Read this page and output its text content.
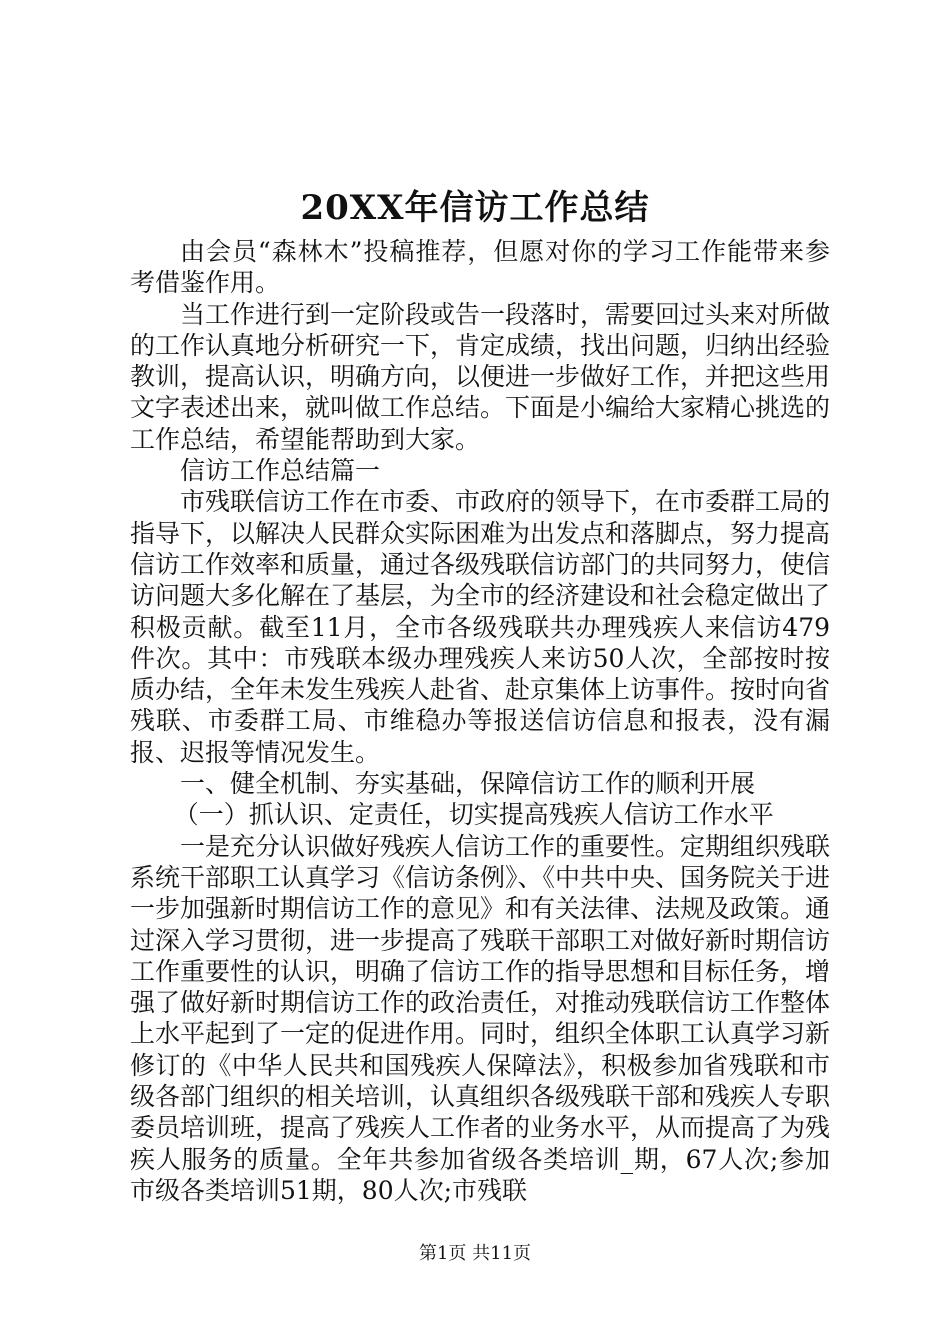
20XX年信访工作总结

由会员“森林木”投稿推荐，但愿对你的学习工作能带来参考借鉴作用。

当工作进行到一定阶段或告一段落时，需要回过头来对所做的工作认真地分析研究一下，肯定成绩，找出问题，归纳出经验教训，提高认识，明确方向，以便进一步做好工作，并把这些用文字表述出来，就叫做工作总结。下面是小编给大家精心挑选的工作总结，希望能帮助到大家。

信访工作总结篇一

市残联信访工作在市委、市政府的领导下，在市委群工局的指导下，以解决人民群众实际困难为出发点和落脚点，努力提高信访工作效率和质量，通过各级残联信访部门的共同努力，使信访问题大多化解在了基层，为全市的经济建设和社会稳定做出了积极贡献。截至11月，全市各级残联共办理残疾人来信访479件次。其中：市残联本级办理残疾人来访50人次，全部按时按质办结，全年未发生残疾人赴省、赴京集体上访事件。按时向省残联、市委群工局、市维稳办等报送信访信息和报表，没有漏报、迟报等情况发生。

一、健全机制、夯实基础，保障信访工作的顺利开展

（一）抓认识、定责任，切实提高残疾人信访工作水平

一是充分认识做好残疾人信访工作的重要性。定期组织残联系统干部职工认真学习《信访条例》、《中共中央、国务院关于进一步加强新时期信访工作的意见》和有关法律、法规及政策。通过深入学习贯彻，进一步提高了残联干部职工对做好新时期信访工作重要性的认识，明确了信访工作的指导思想和目标任务，增强了做好新时期信访工作的政治责任，对推动残联信访工作整体上水平起到了一定的促进作用。同时，组织全体职工认真学习新修订的《中华人民共和国残疾人保障法》，积极参加省残联和市级各部门组织的相关培训，认真组织各级残联干部和残疾人专职委员培训班，提高了残疾人工作者的业务水平，从而提高了为残疾人服务的质量。全年共参加省级各类培训_期，67人次;参加市级各类培训51期，80人次;市残联

第1页 共11页
